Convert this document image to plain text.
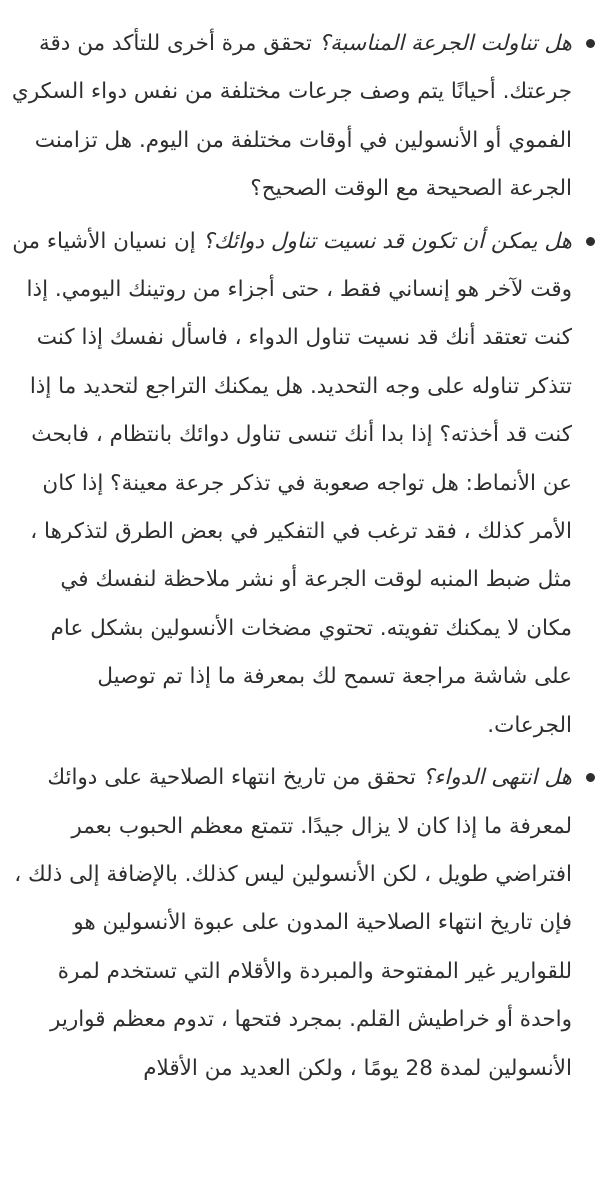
هل تناولت الجرعة المناسبة؟ تحقق مرة أخرى للتأكد من دقة جرعتك. أحيانًا يتم وصف جرعات مختلفة من نفس دواء السكري الفموي أو الأنسولين في أوقات مختلفة من اليوم. هل تزامنت الجرعة الصحيحة مع الوقت الصحيح؟
هل يمكن أن تكون قد نسيت تناول دوائك؟ إن نسيان الأشياء من وقت لآخر هو إنساني فقط ، حتى أجزاء من روتينك اليومي. إذا كنت تعتقد أنك قد نسيت تناول الدواء ، فاسأل نفسك إذا كنت تتذكر تناوله على وجه التحديد. هل يمكنك التراجع لتحديد ما إذا كنت قد أخذته؟ إذا بدا أنك تنسى تناول دوائك بانتظام ، فابحث عن الأنماط: هل تواجه صعوبة في تذكر جرعة معينة؟ إذا كان الأمر كذلك ، فقد ترغب في التفكير في بعض الطرق لتذكرها ، مثل ضبط المنبه لوقت الجرعة أو نشر ملاحظة لنفسك في مكان لا يمكنك تفويته. تحتوي مضخات الأنسولين بشكل عام على شاشة مراجعة تسمح لك بمعرفة ما إذا تم توصيل الجرعات.
هل انتهى الدواء؟ تحقق من تاريخ انتهاء الصلاحية على دوائك لمعرفة ما إذا كان لا يزال جيدًا. تتمتع معظم الحبوب بعمر افتراضي طويل ، لكن الأنسولين ليس كذلك. بالإضافة إلى ذلك ، فإن تاريخ انتهاء الصلاحية المدون على عبوة الأنسولين هو للقوارير غير المفتوحة والمبردة والأقلام التي تستخدم لمرة واحدة أو خراطيش القلم. بمجرد فتحها ، تدوم معظم قوارير الأنسولين لمدة 28 يومًا ، ولكن العديد من الأقلام
